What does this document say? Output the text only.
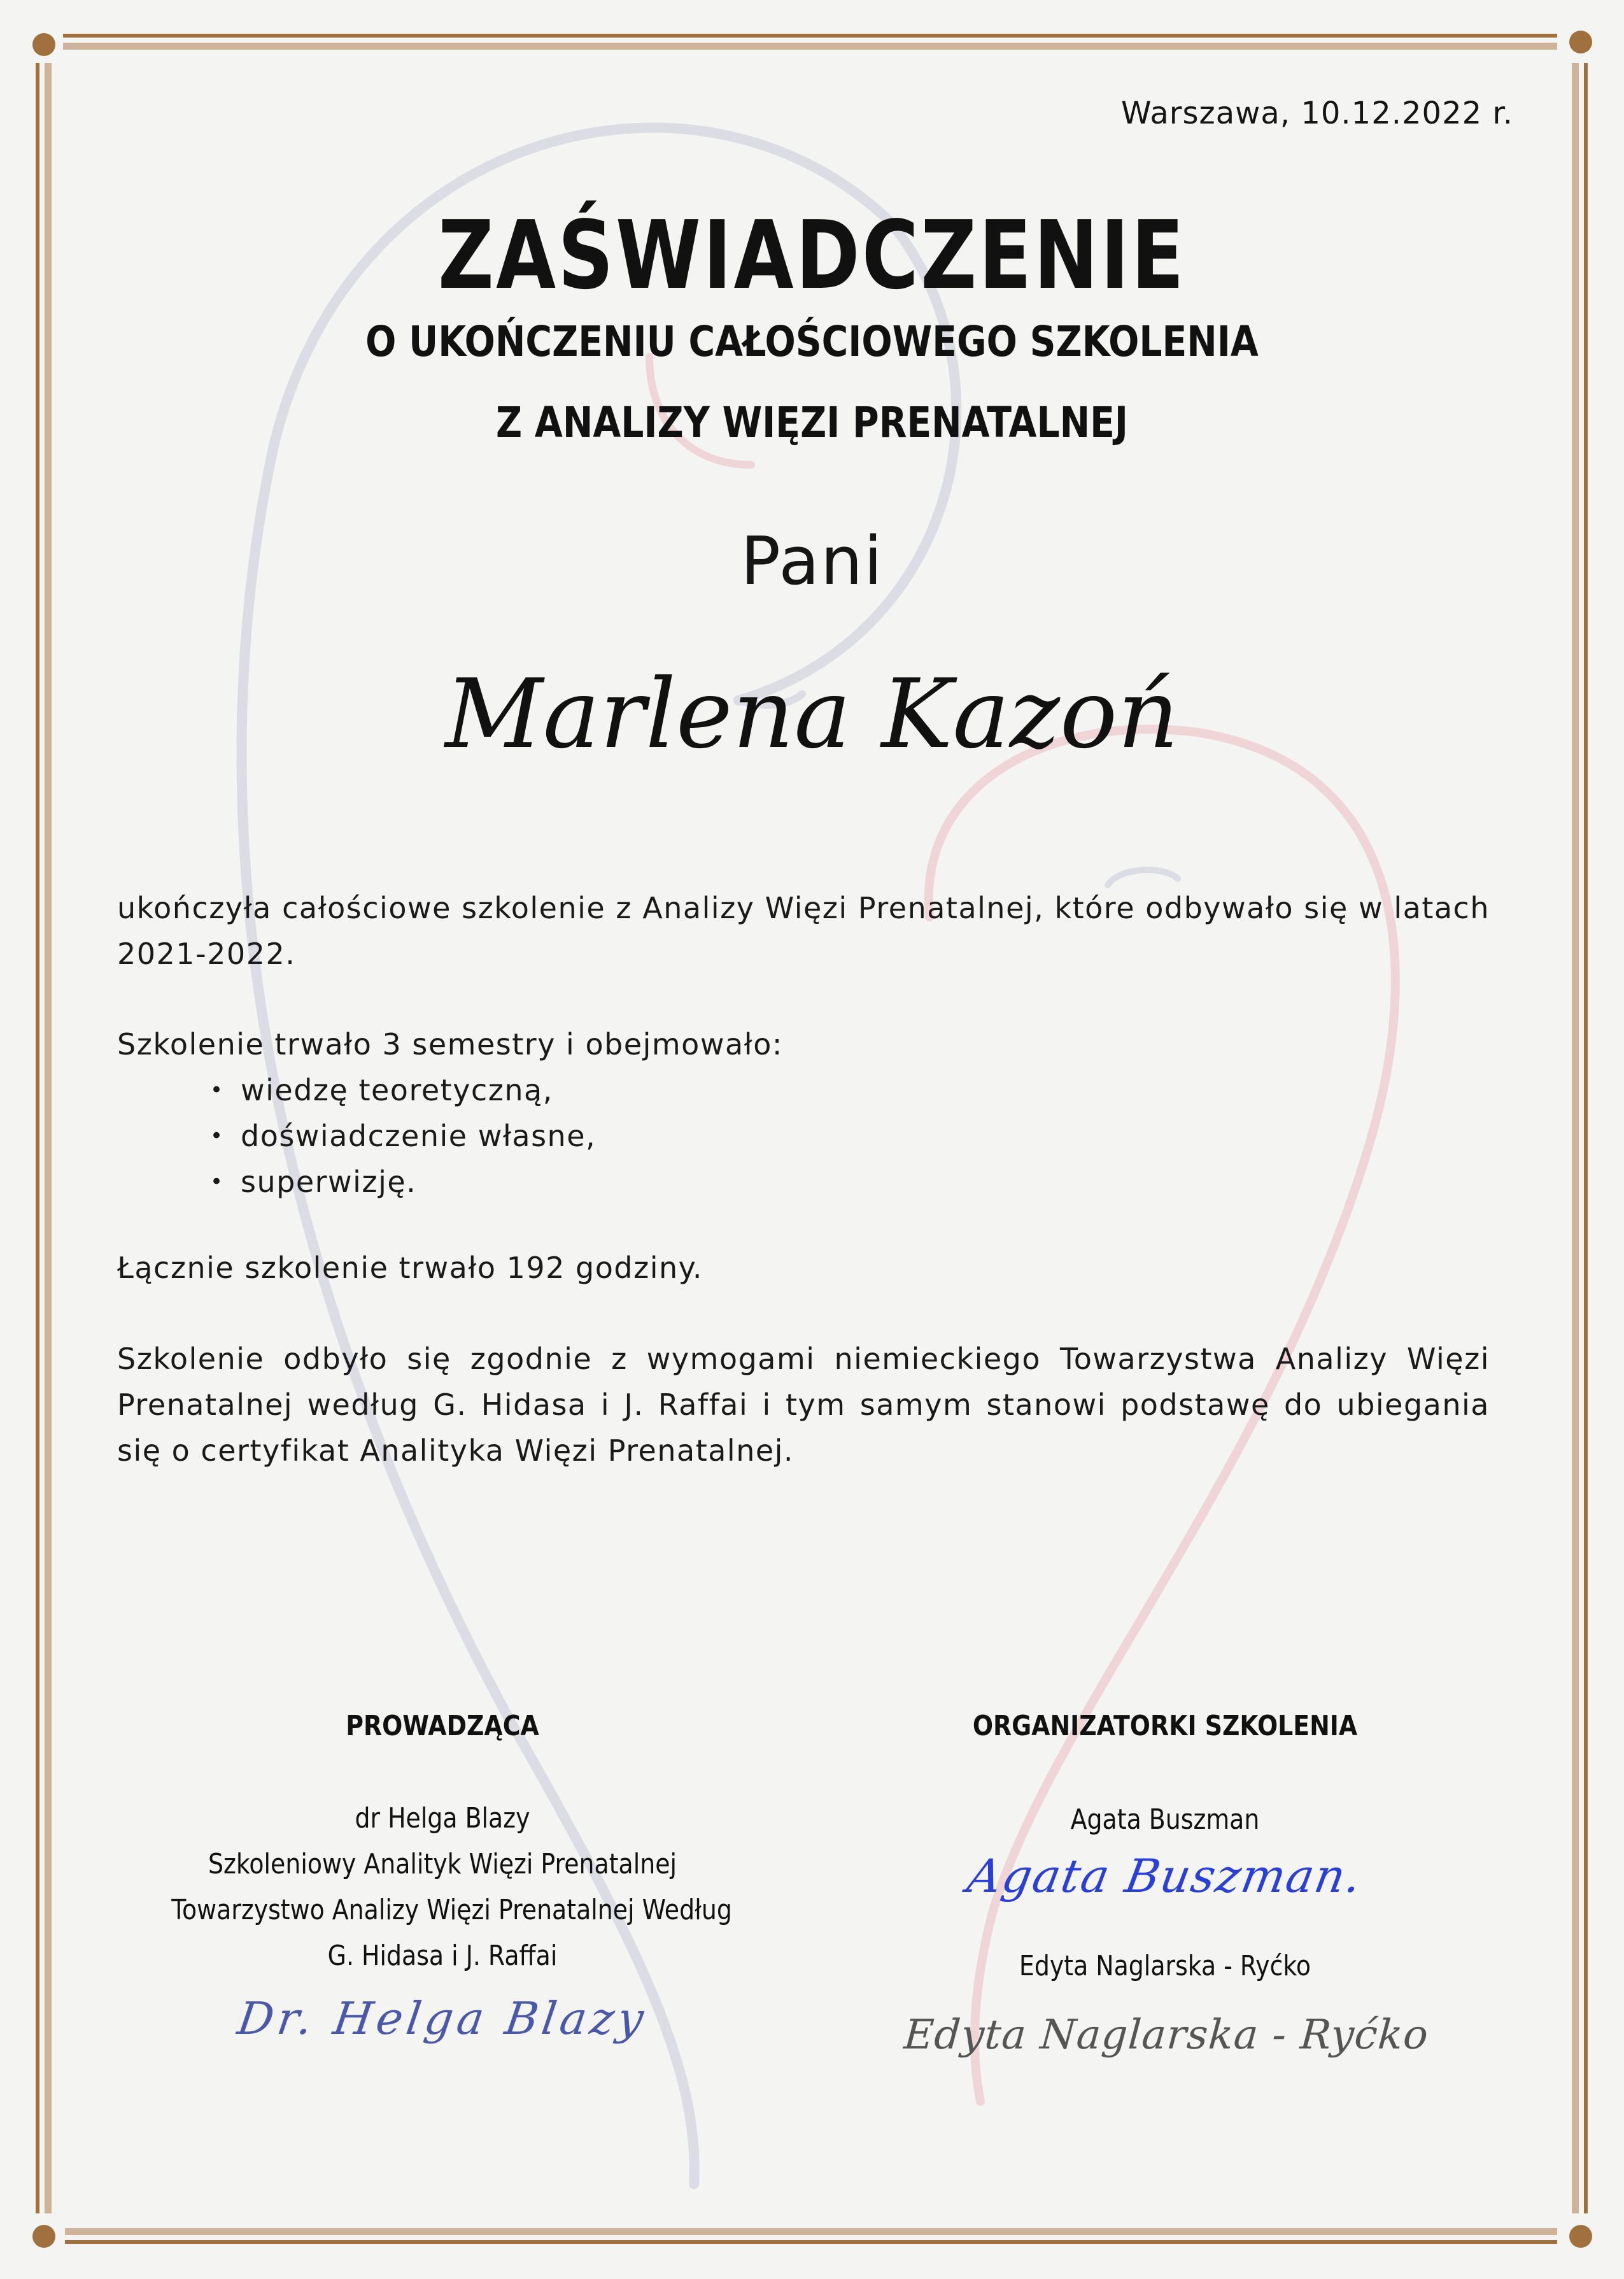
Warszawa, 10.12.2022 r.
ZAŚWIADCZENIE
O UKOŃCZENIU CAŁOŚCIOWEGO SZKOLENIA
Z ANALIZY WIĘZI PRENATALNEJ
Pani
Marlena Kazoń
ukończyła całościowe szkolenie z Analizy Więzi Prenatalnej, które odbywało się w latach 2021-2022.
Szkolenie trwało 3 semestry i obejmowało:
• wiedzę teoretyczną,
• doświadczenie własne,
• superwizję.
Łącznie szkolenie trwało 192 godziny.
Szkolenie odbyło się zgodnie z wymogami niemieckiego Towarzystwa Analizy Więzi Prenatalnej według G. Hidasa i J. Raffai i tym samym stanowi podstawę do ubiegania się o certyfikat Analityka Więzi Prenatalnej.
PROWADZĄCA
dr Helga Blazy
Szkoleniowy Analityk Więzi Prenatalnej
Towarzystwo Analizy Więzi Prenatalnej Według
G. Hidasa i J. Raffai
Dr. Helga Blazy
ORGANIZATORKI SZKOLENIA
Agata Buszman
Edyta Naglarska - Ryćko
Agata Buszman.
Edyta Naglarska - Ryćko
